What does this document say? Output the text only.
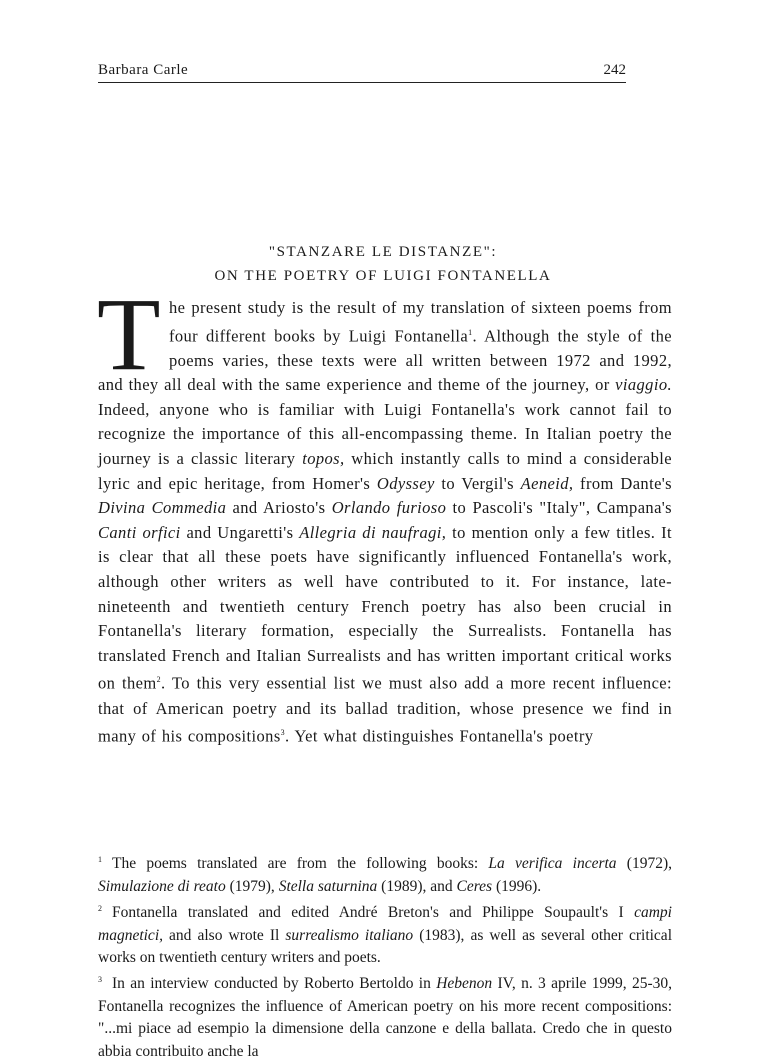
Barbara Carle	242
"STANZARE LE DISTANZE":
ON THE POETRY OF LUIGI FONTANELLA
The present study is the result of my translation of sixteen poems from four different books by Luigi Fontanella$^1$. Although the style of the poems varies, these texts were all written between 1972 and 1992, and they all deal with the same experience and theme of the journey, or viaggio. Indeed, anyone who is familiar with Luigi Fontanella's work cannot fail to recognize the importance of this all-encompassing theme. In Italian poetry the journey is a classic literary topos, which instantly calls to mind a considerable lyric and epic heritage, from Homer's Odyssey to Vergil's Aeneid, from Dante's Divina Commedia and Ariosto's Orlando furioso to Pascoli's "Italy", Campana's Canti orfici and Ungaretti's Allegria di naufragi, to mention only a few titles. It is clear that all these poets have significantly influenced Fontanella's work, although other writers as well have contributed to it. For instance, late-nineteenth and twentieth century French poetry has also been crucial in Fontanella's literary formation, especially the Surrealists. Fontanella has translated French and Italian Surrealists and has written important critical works on them$^2$. To this very essential list we must also add a more recent influence: that of American poetry and its ballad tradition, whose presence we find in many of his compositions$^3$. Yet what distinguishes Fontanella's poetry

$^1$ The poems translated are from the following books: La verifica incerta (1972), Simulazione di reato (1979), Stella saturnina (1989), and Ceres (1996).

$^2$ Fontanella translated and edited André Breton's and Philippe Soupault's I campi magnetici, and also wrote Il surrealismo italiano (1983), as well as several other critical works on twentieth century writers and poets.

$^3$ In an interview conducted by Roberto Bertoldo in Hebenon IV, n. 3 aprile 1999, 25-30, Fontanella recognizes the influence of American poetry on his more recent compositions: "...mi piace ad esempio la dimensione della canzone e della ballata. Credo che in questo abbia contribuito anche la
